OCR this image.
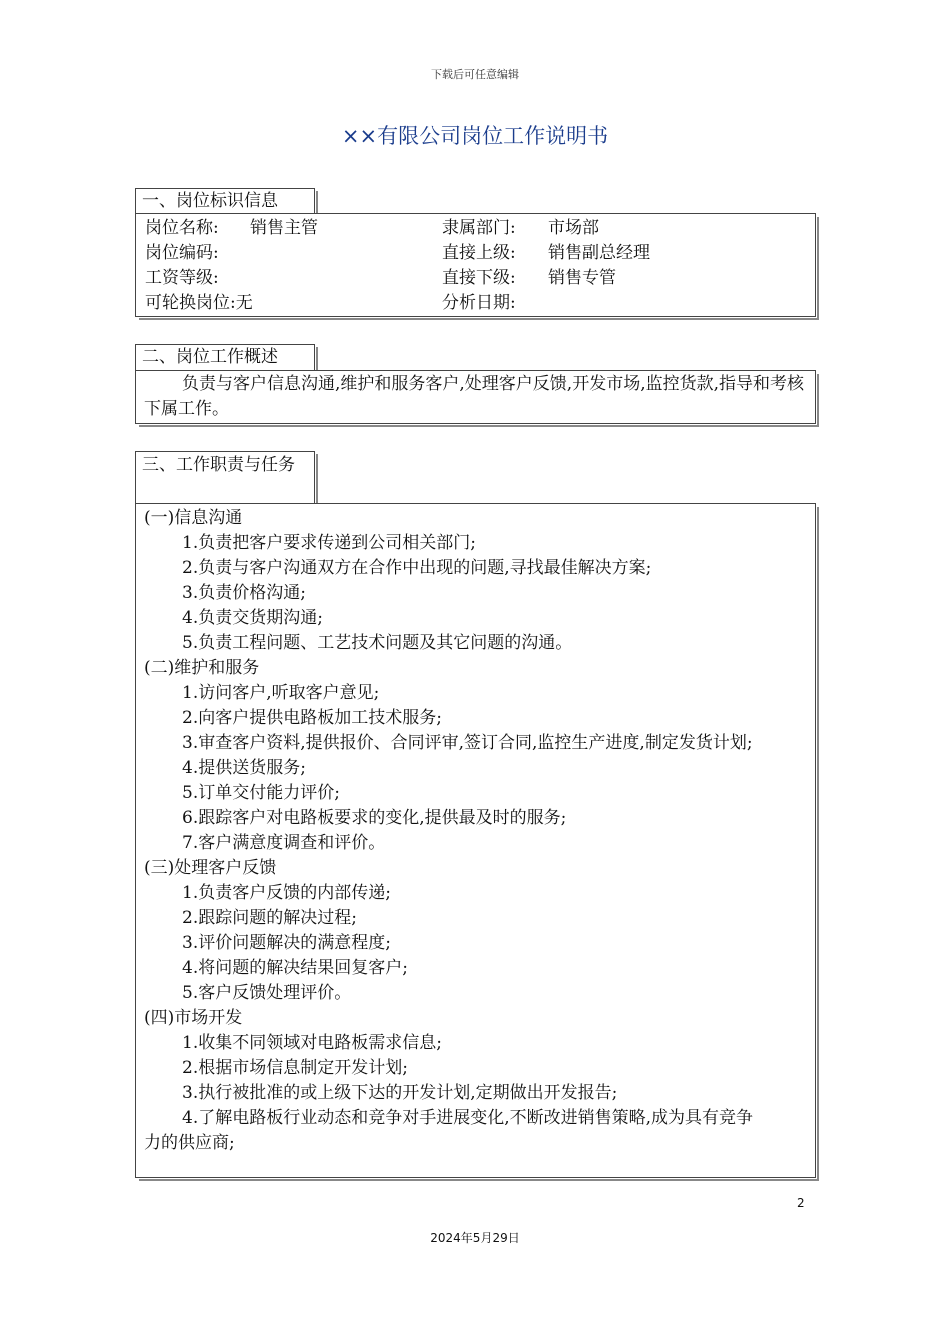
下载后可任意编辑
××有限公司岗位工作说明书
一、岗位标识信息
岗位名称: 销售主管	隶属部门: 市场部
岗位编码:	直接上级: 销售副总经理
工资等级:	直接下级: 销售专管
可轮换岗位:无	分析日期:
二、岗位工作概述
负责与客户信息沟通,维护和服务客户,处理客户反馈,开发市场,监控货款,指导和考核下属工作。
三、工作职责与任务
(一)信息沟通
1.负责把客户要求传递到公司相关部门;
2.负责与客户沟通双方在合作中出现的问题,寻找最佳解决方案;
3.负责价格沟通;
4.负责交货期沟通;
5.负责工程问题、工艺技术问题及其它问题的沟通。
(二)维护和服务
1.访问客户,听取客户意见;
2.向客户提供电路板加工技术服务;
3.审查客户资料,提供报价、合同评审,签订合同,监控生产进度,制定发货计划;
4.提供送货服务;
5.订单交付能力评价;
6.跟踪客户对电路板要求的变化,提供最及时的服务;
7.客户满意度调查和评价。
(三)处理客户反馈
1.负责客户反馈的内部传递;
2.跟踪问题的解决过程;
3.评价问题解决的满意程度;
4.将问题的解决结果回复客户;
5.客户反馈处理评价。
(四)市场开发
1.收集不同领域对电路板需求信息;
2.根据市场信息制定开发计划;
3.执行被批准的或上级下达的开发计划,定期做出开发报告;
4.了解电路板行业动态和竞争对手进展变化,不断改进销售策略,成为具有竞争力的供应商;
2
2024年5月29日
